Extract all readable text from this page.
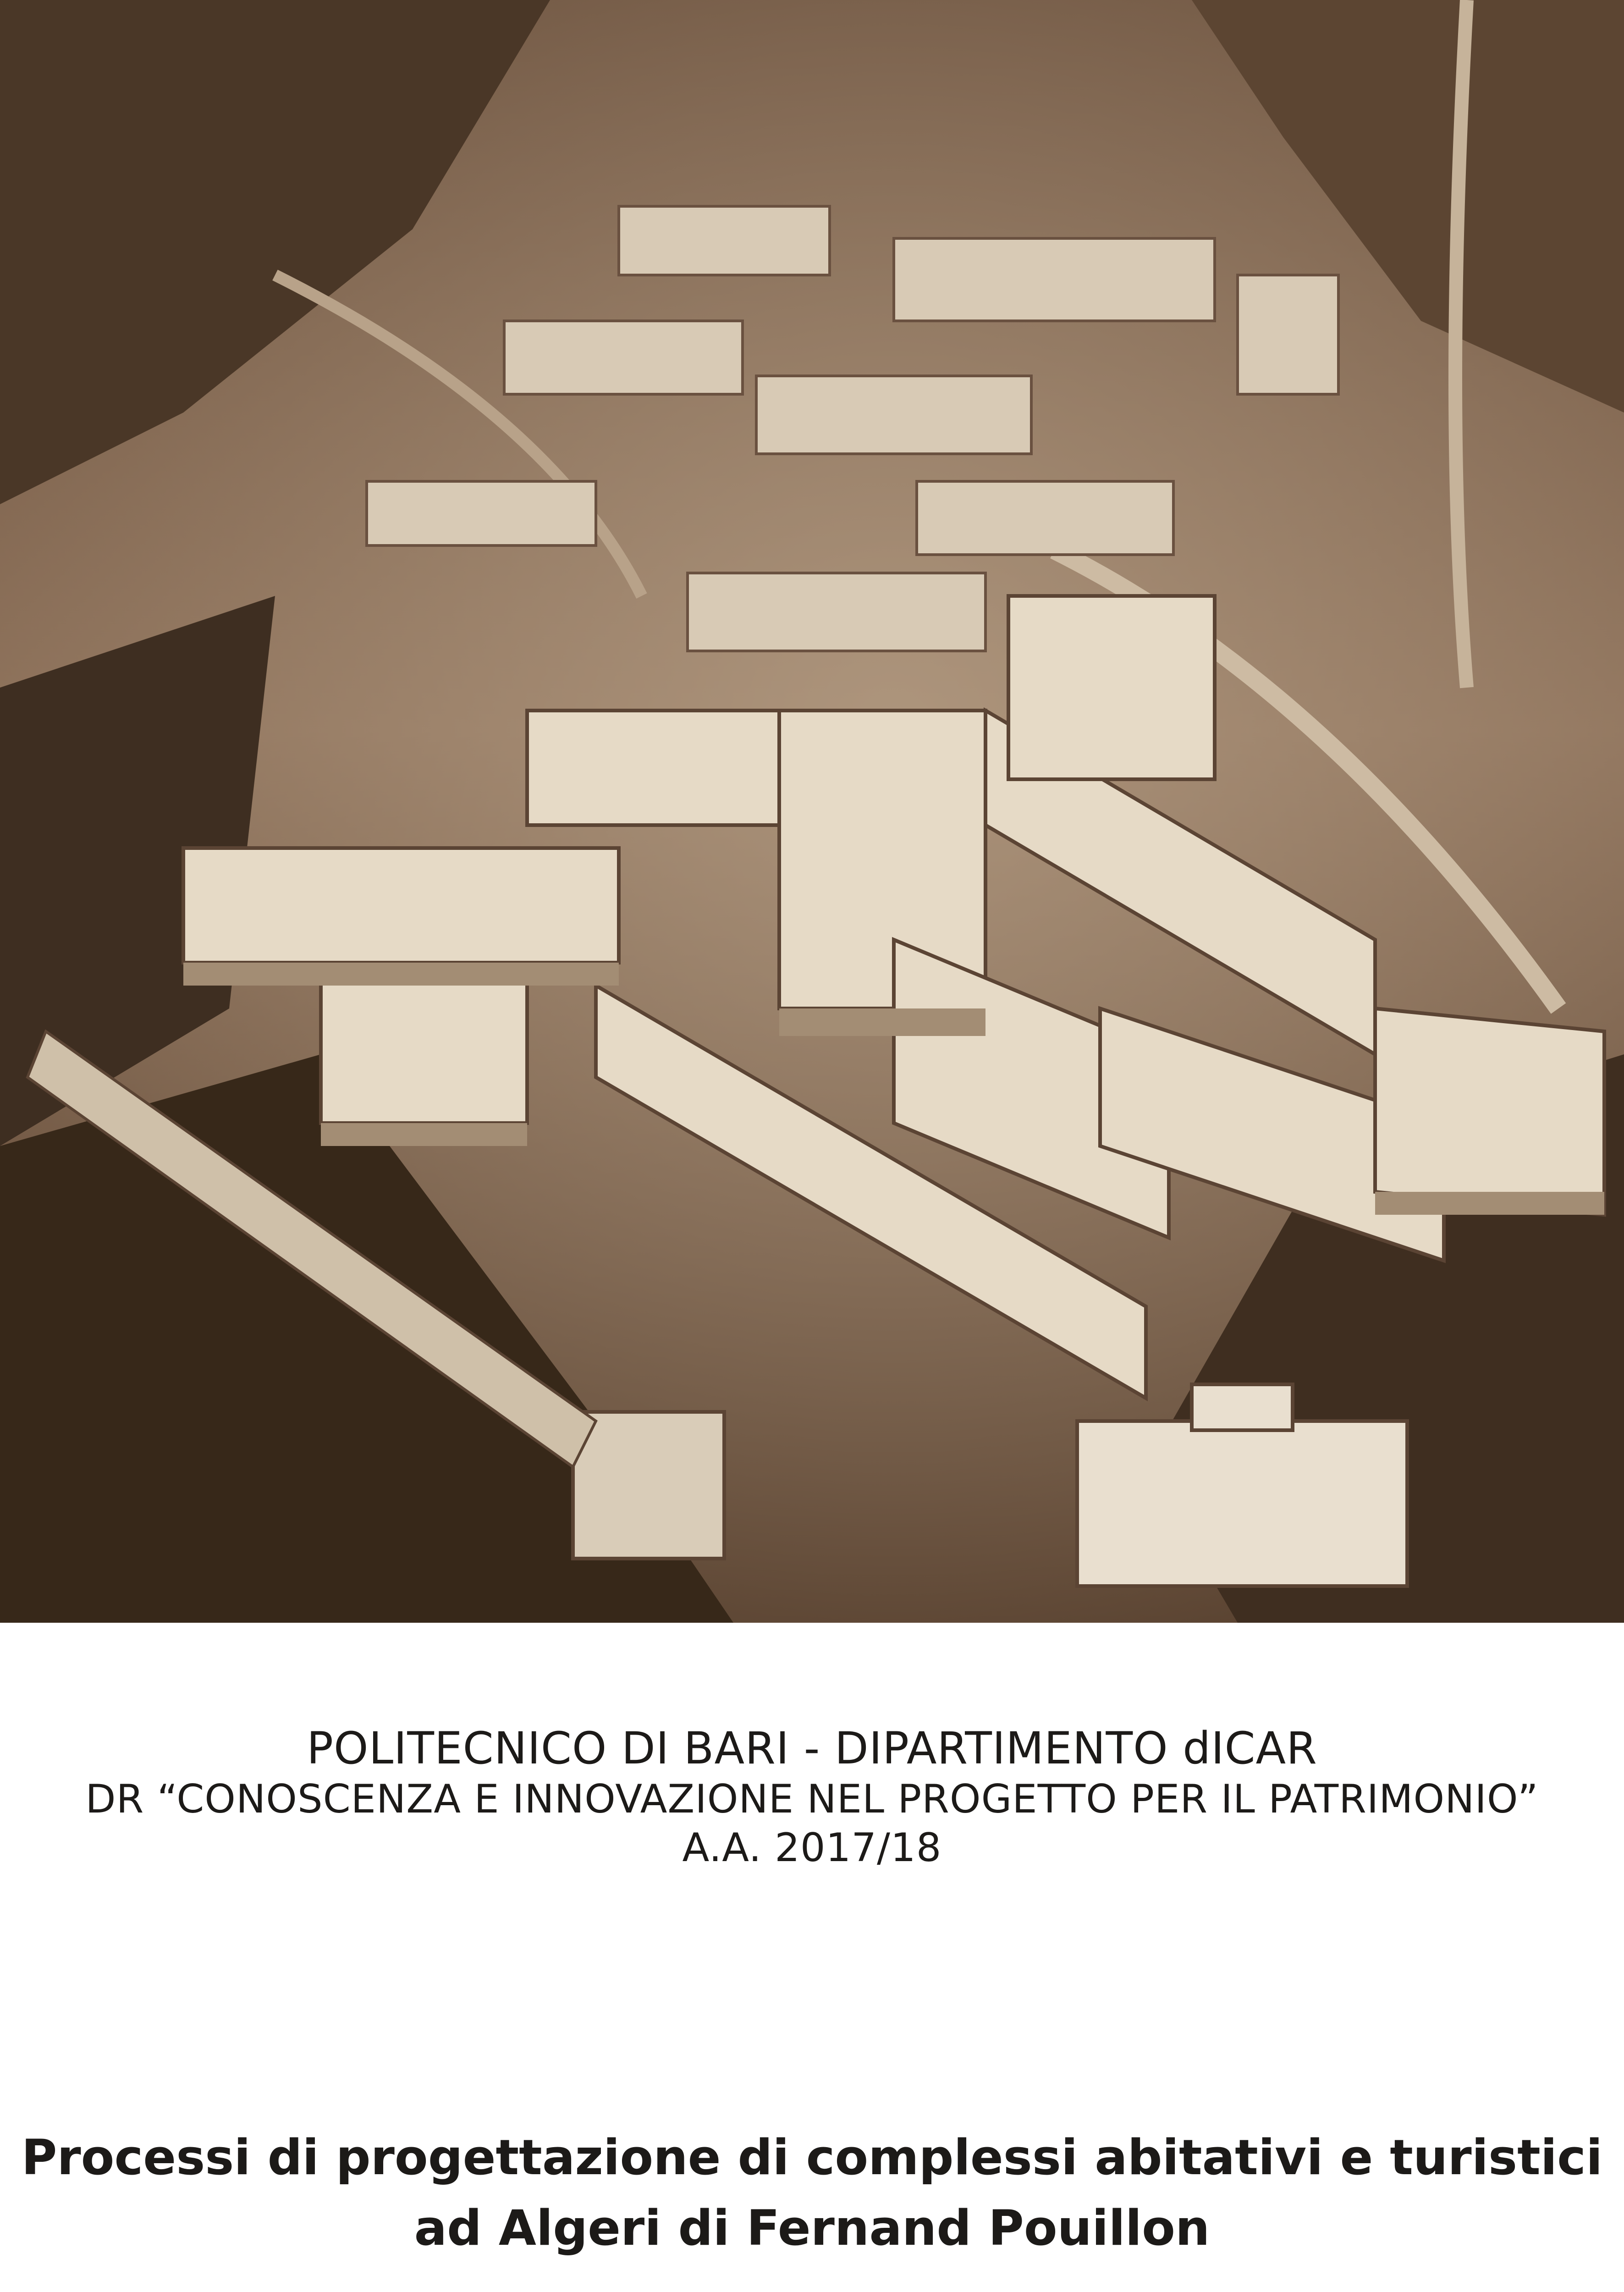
POLITECNICO DI BARI - DIPARTIMENTO dICAR
DR “CONOSCENZA E INNOVAZIONE NEL PROGETTO PER IL PATRIMONIO”
A.A. 2017/18
Processi di progettazione di complessi abitativi e turistici
ad Algeri di Fernand Pouillon
